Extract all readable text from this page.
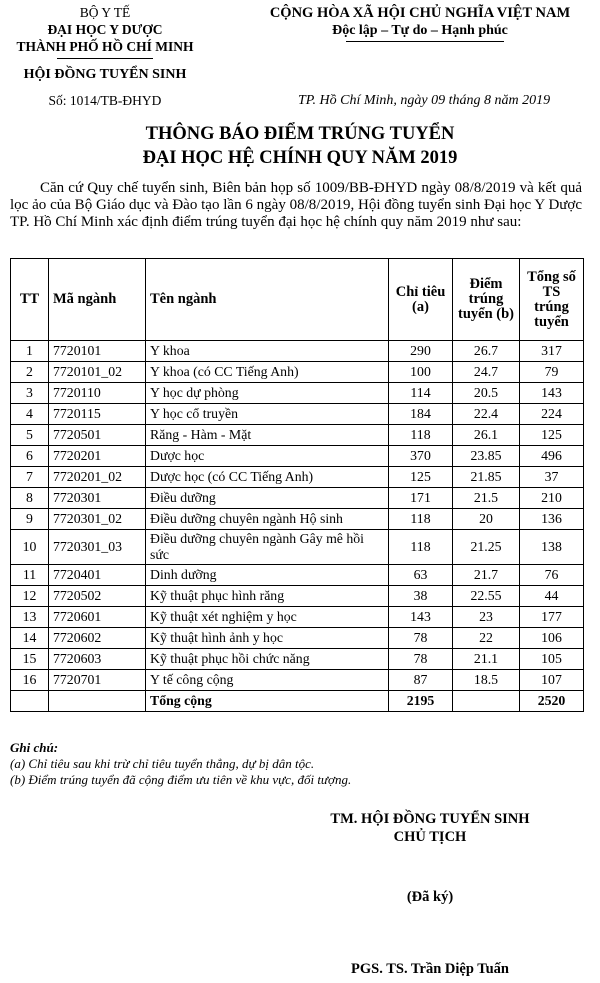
BỘ Y TẾ
ĐẠI HỌC Y DƯỢC
THÀNH PHỐ HỒ CHÍ MINH
HỘI ĐỒNG TUYỂN SINH
Số: 1014/TB-ĐHYD
CỘNG HÒA XÃ HỘI CHỦ NGHĨA VIỆT NAM
Độc lập – Tự do – Hạnh phúc
TP. Hồ Chí Minh, ngày 09 tháng 8 năm 2019
THÔNG BÁO ĐIỂM TRÚNG TUYỂN
ĐẠI HỌC HỆ CHÍNH QUY NĂM 2019
Căn cứ Quy chế tuyển sinh, Biên bản họp số 1009/BB-ĐHYD ngày 08/8/2019 và kết quả lọc ảo của Bộ Giáo dục và Đào tạo lần 6 ngày 08/8/2019, Hội đồng tuyển sinh Đại học Y Dược TP. Hồ Chí Minh xác định điểm trúng tuyển đại học hệ chính quy năm 2019 như sau:
TT	Mã ngành	Tên ngành	Chỉ tiêu (a)	Điểm trúng tuyển (b)	Tổng số TS trúng tuyển
1	7720101	Y khoa	290	26.7	317
2	7720101_02	Y khoa (có CC Tiếng Anh)	100	24.7	79
3	7720110	Y học dự phòng	114	20.5	143
4	7720115	Y học cổ truyền	184	22.4	224
5	7720501	Răng - Hàm - Mặt	118	26.1	125
6	7720201	Dược học	370	23.85	496
7	7720201_02	Dược học (có CC Tiếng Anh)	125	21.85	37
8	7720301	Điều dưỡng	171	21.5	210
9	7720301_02	Điều dưỡng chuyên ngành Hộ sinh	118	20	136
10	7720301_03	Điều dưỡng chuyên ngành Gây mê hồi sức	118	21.25	138
11	7720401	Dinh dưỡng	63	21.7	76
12	7720502	Kỹ thuật phục hình răng	38	22.55	44
13	7720601	Kỹ thuật xét nghiệm y học	143	23	177
14	7720602	Kỹ thuật hình ảnh y học	78	22	106
15	7720603	Kỹ thuật phục hồi chức năng	78	21.1	105
16	7720701	Y tế công cộng	87	18.5	107
		Tổng cộng	2195		2520
Ghi chú:
(a) Chỉ tiêu sau khi trừ chỉ tiêu tuyển thẳng, dự bị dân tộc.
(b) Điểm trúng tuyển đã cộng điểm ưu tiên về khu vực, đối tượng.
TM. HỘI ĐỒNG TUYỂN SINH
CHỦ TỊCH
(Đã ký)
PGS. TS. Trần Diệp Tuấn
